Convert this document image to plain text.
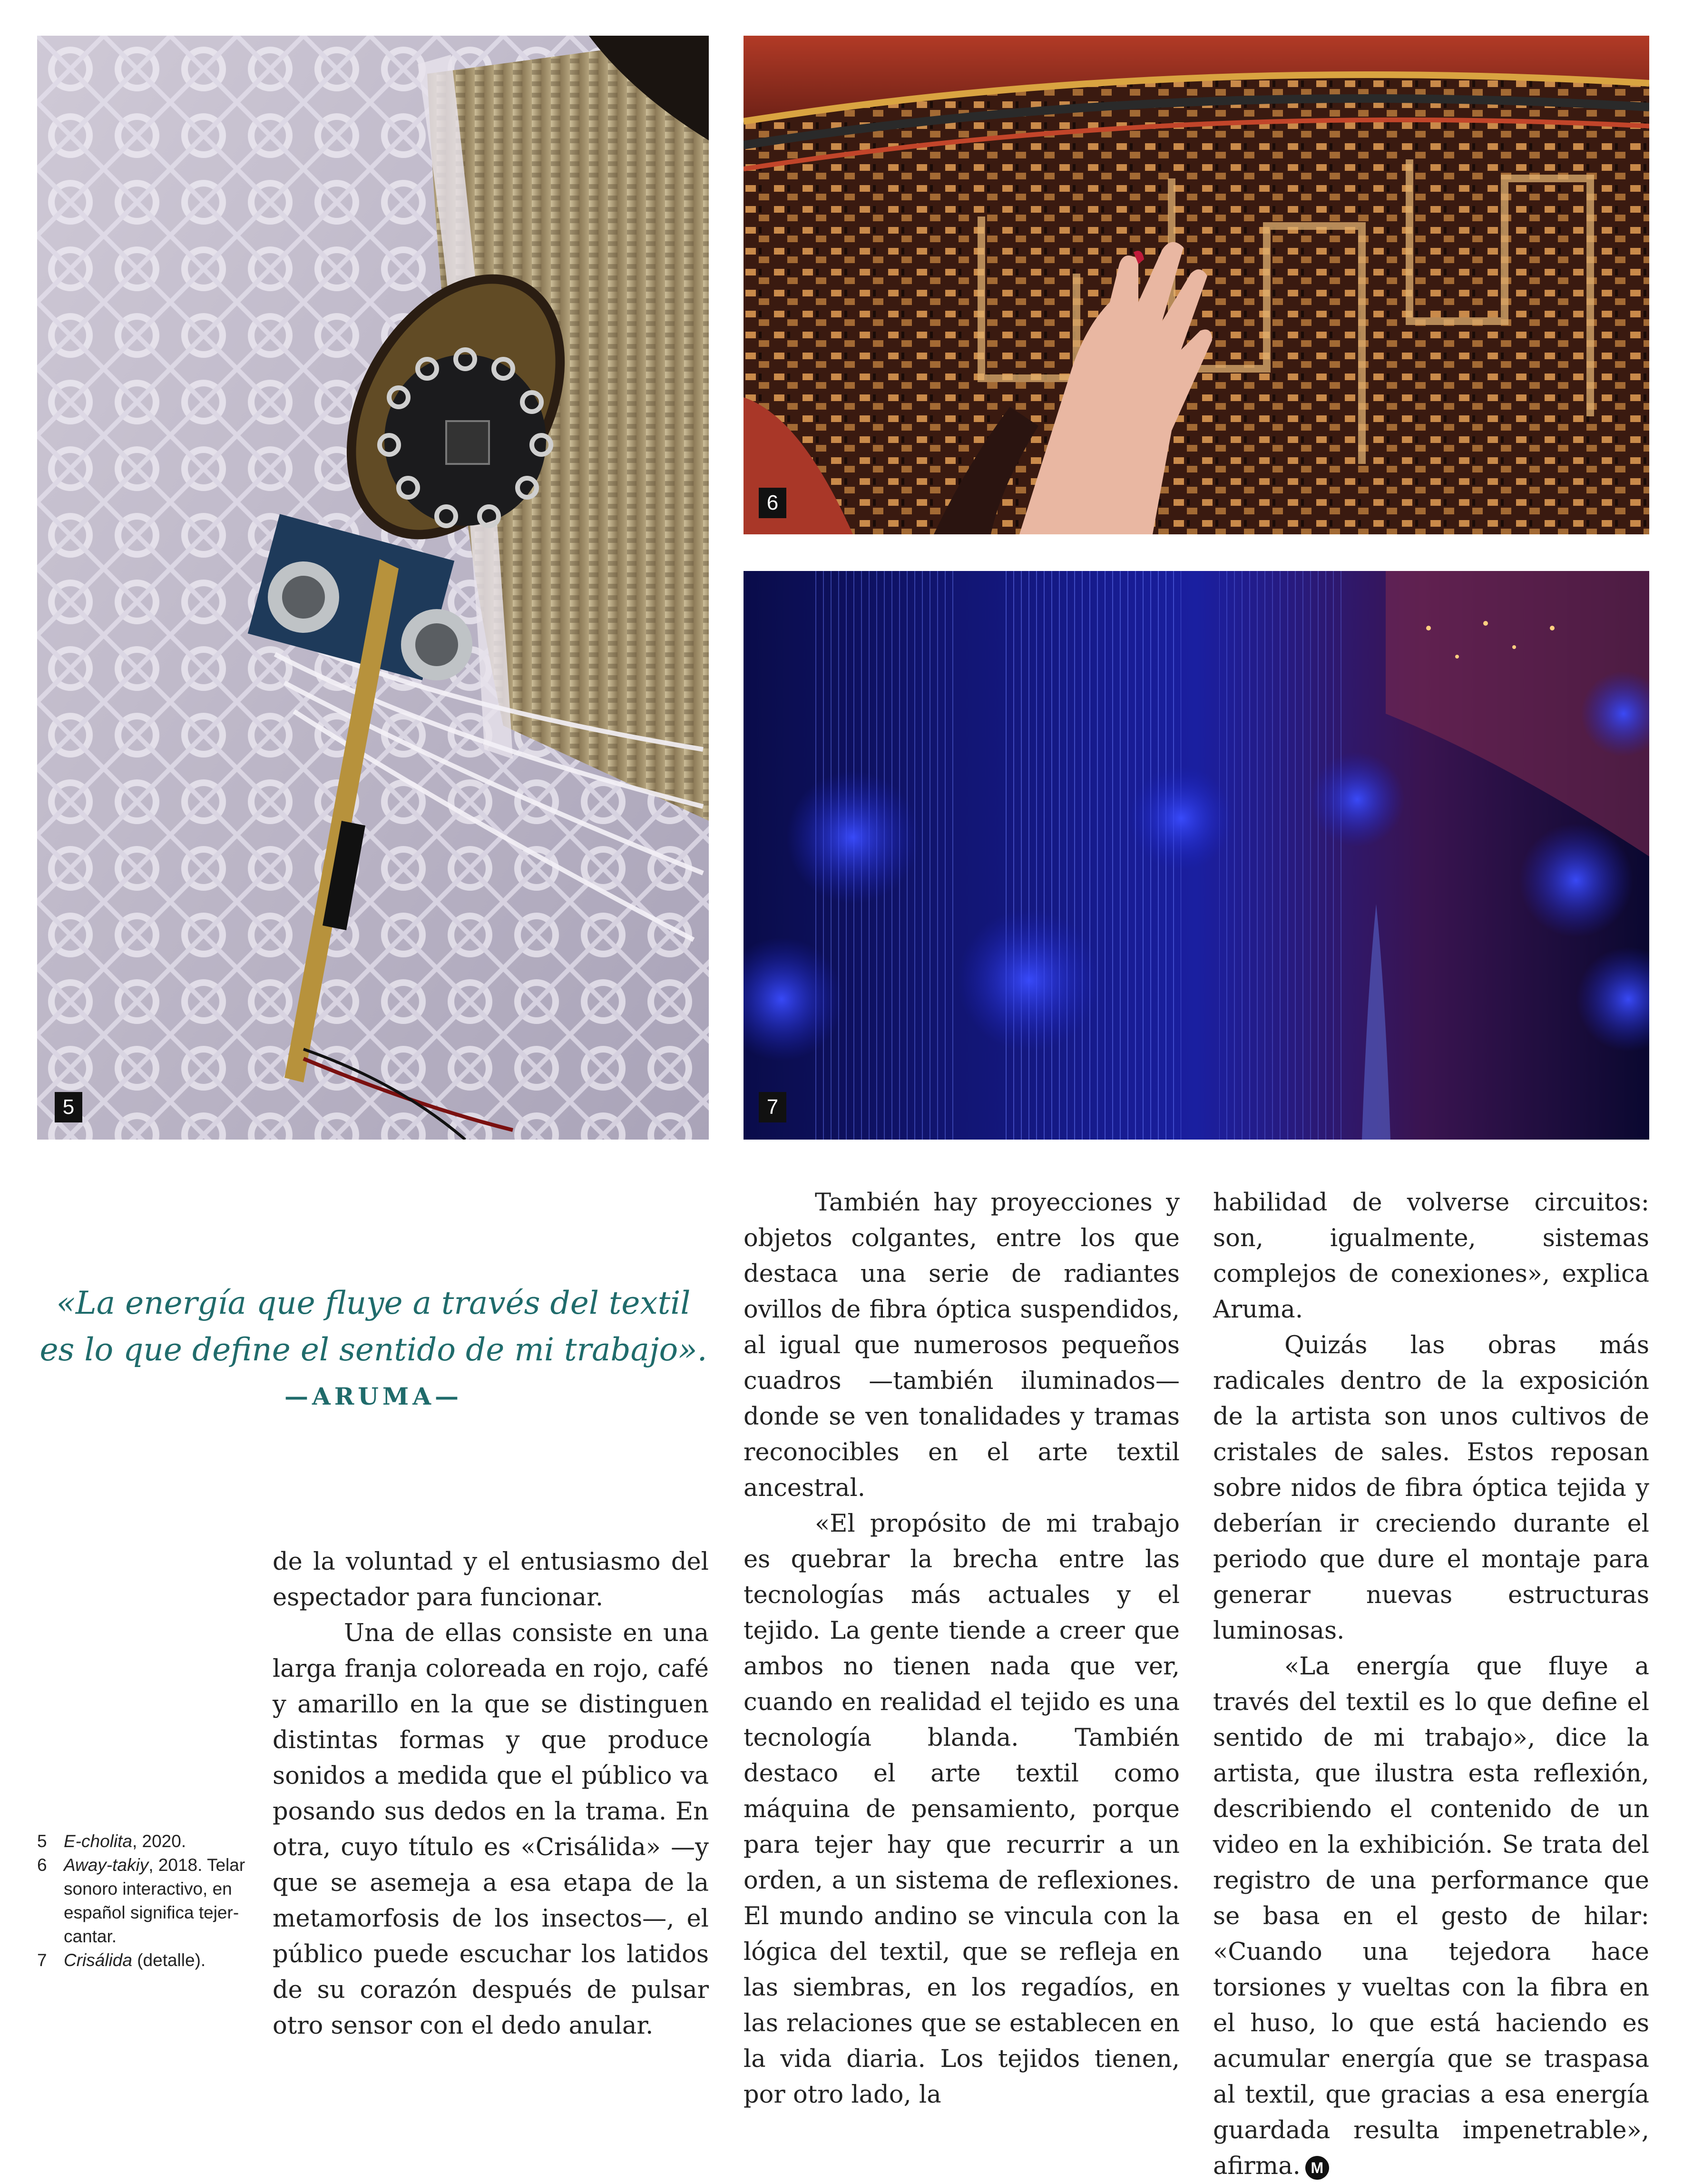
5
6
7
«La energía que fluye a través del textil es lo que define el sentido de mi trabajo».
—ARUMA—
5 E-cholita, 2020.
6 Away-takiy, 2018. Telar sonoro interactivo, en español significa tejer-cantar.
7 Crisálida (detalle).

de la voluntad y el entusiasmo del espectador para funcionar.

Una de ellas consiste en una larga franja coloreada en rojo, café y amarillo en la que se distinguen distintas formas y que produce sonidos a medida que el público va posando sus dedos en la trama. En otra, cuyo título es «Crisálida» —y que se asemeja a esa etapa de la metamorfosis de los insectos—, el público puede escuchar los latidos de su corazón después de pulsar otro sensor con el dedo anular.

También hay proyecciones y objetos colgantes, entre los que destaca una serie de radiantes ovillos de fibra óptica suspendidos, al igual que numerosos pequeños cuadros —también iluminados— donde se ven tonalidades y tramas reconocibles en el arte textil ancestral.

«El propósito de mi trabajo es quebrar la brecha entre las tecnologías más actuales y el tejido. La gente tiende a creer que ambos no tienen nada que ver, cuando en realidad el tejido es una tecnología blanda. También destaco el arte textil como máquina de pensamiento, porque para tejer hay que recurrir a un orden, a un sistema de reflexiones. El mundo andino se vincula con la lógica del textil, que se refleja en las siembras, en los regadíos, en las relaciones que se establecen en la vida diaria. Los tejidos tienen, por otro lado, la

habilidad de volverse circuitos: son, igualmente, sistemas complejos de conexiones», explica Aruma.

Quizás las obras más radicales dentro de la exposición de la artista son unos cultivos de cristales de sales. Estos reposan sobre nidos de fibra óptica tejida y deberían ir creciendo durante el periodo que dure el montaje para generar nuevas estructuras luminosas.

«La energía que fluye a través del textil es lo que define el sentido de mi trabajo», dice la artista, que ilustra esta reflexión, describiendo el contenido de un video en la exhibición. Se trata del registro de una performance que se basa en el gesto de hilar: «Cuando una tejedora hace torsiones y vueltas con la fibra en el huso, lo que está haciendo es acumular energía que se traspasa al textil, que gracias a esa energía guardada resulta impenetrable», afirma. M
